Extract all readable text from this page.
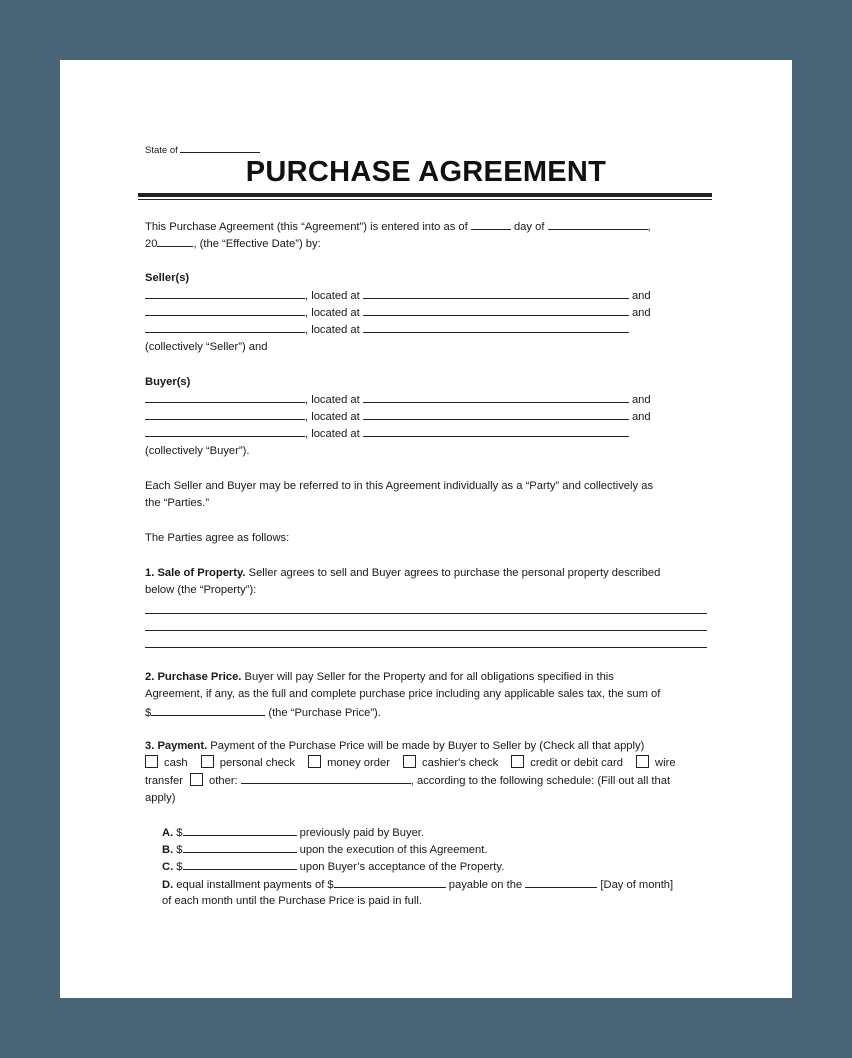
State of
PURCHASE AGREEMENT
This Purchase Agreement (this “Agreement”) is entered into as of	day of	,
20	, (the “Effective Date”) by:
Seller(s)
, located at	and
, located at	and
, located at
(collectively “Seller”) and
Buyer(s)
, located at	and
, located at	and
, located at
(collectively “Buyer”).
Each Seller and Buyer may be referred to in this Agreement individually as a “Party” and collectively as
the “Parties.”
The Parties agree as follows:
1. Sale of Property. Seller agrees to sell and Buyer agrees to purchase the personal property described
below (the “Property”):
2. Purchase Price. Buyer will pay Seller for the Property and for all obligations specified in this
Agreement, if any, as the full and complete purchase price including any applicable sales tax, the sum of
$	(the “Purchase Price”).
3. Payment. Payment of the Purchase Price will be made by Buyer to Seller by (Check all that apply)
cash	personal check	money order	cashier's check	credit or debit card	wire
transfer other:	, according to the following schedule: (Fill out all that
apply)
A. $	previously paid by Buyer.
B. $	upon the execution of this Agreement.
C. $	upon Buyer’s acceptance of the Property.
D. equal installment payments of $	payable on the	[Day of month]
of each month until the Purchase Price is paid in full.
